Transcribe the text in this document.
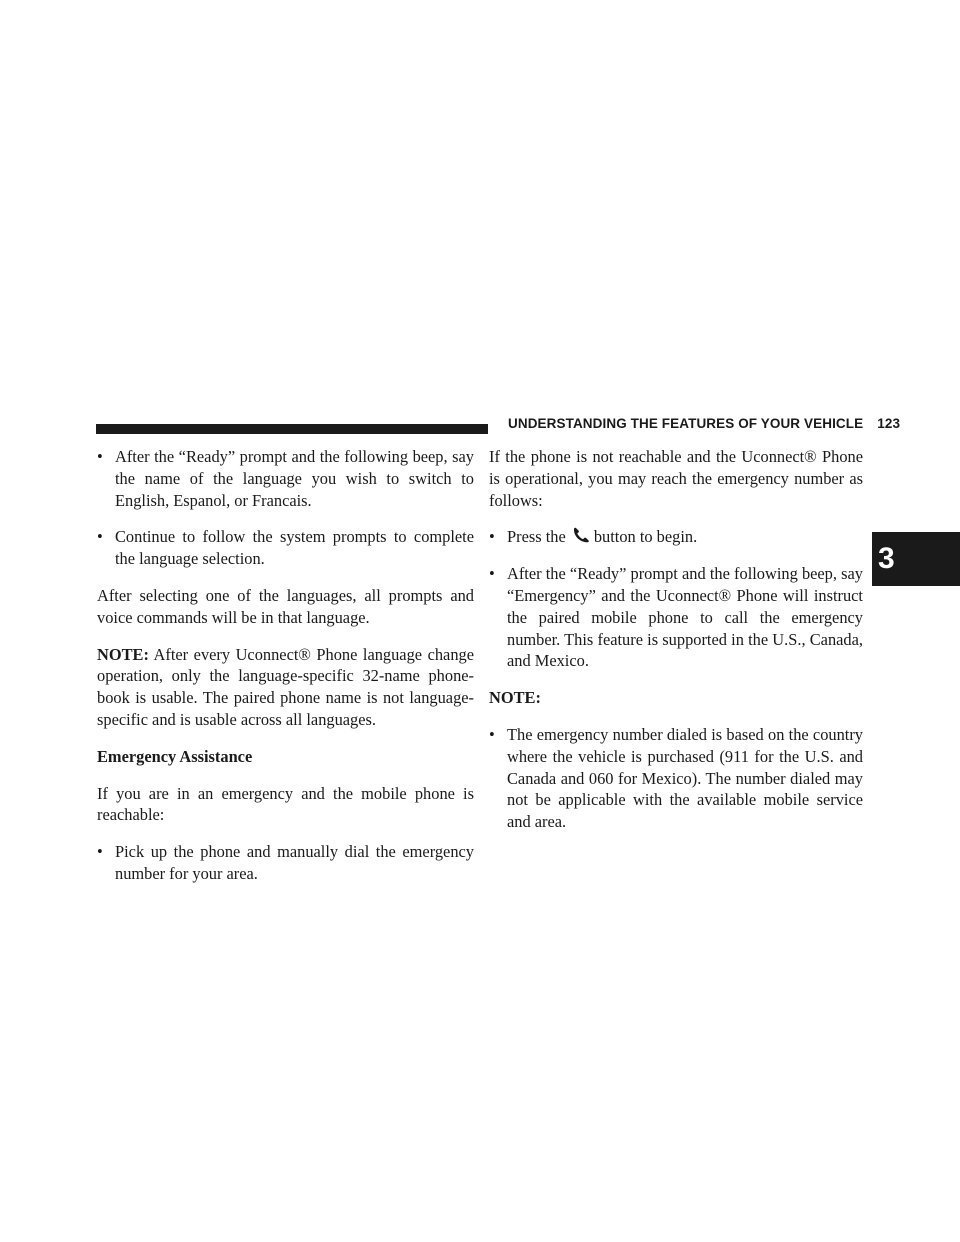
UNDERSTANDING THE FEATURES OF YOUR VEHICLE 123
3
• After the “Ready” prompt and the following beep, say the name of the language you wish to switch to English, Espanol, or Francais.
• Continue to follow the system prompts to complete the language selection.

After selecting one of the languages, all prompts and voice commands will be in that language.

NOTE: After every Uconnect® Phone language change operation, only the language-specific 32-name phone-book is usable. The paired phone name is not language-specific and is usable across all languages.

Emergency Assistance

If you are in an emergency and the mobile phone is reachable:

• Pick up the phone and manually dial the emergency number for your area.

If the phone is not reachable and the Uconnect® Phone is operational, you may reach the emergency number as follows:

• Press the button to begin.
• After the “Ready” prompt and the following beep, say “Emergency” and the Uconnect® Phone will instruct the paired mobile phone to call the emergency number. This feature is supported in the U.S., Canada, and Mexico.
NOTE:
• The emergency number dialed is based on the country where the vehicle is purchased (911 for the U.S. and Canada and 060 for Mexico). The number dialed may not be applicable with the available mobile service and area.
